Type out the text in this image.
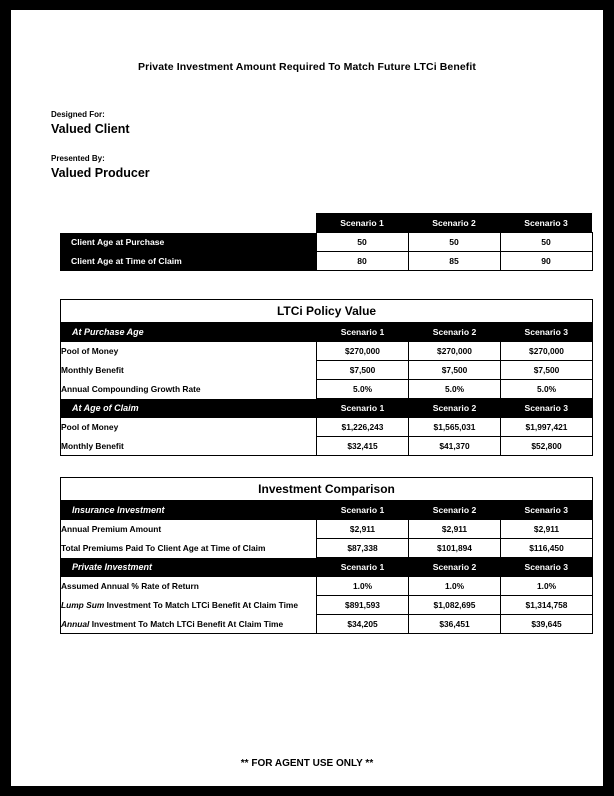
Private Investment Amount Required To Match Future LTCi Benefit
Designed For:
Valued Client
Presented By:
Valued Producer
	Scenario 1	Scenario 2	Scenario 3
Client Age at Purchase	50	50	50
Client Age at Time of Claim	80	85	90
LTCi Policy Value			
At Purchase Age	Scenario 1	Scenario 2	Scenario 3
Pool of Money	$270,000	$270,000	$270,000
Monthly Benefit	$7,500	$7,500	$7,500
Annual Compounding Growth Rate	5.0%	5.0%	5.0%
At Age of Claim	Scenario 1	Scenario 2	Scenario 3
Pool of Money	$1,226,243	$1,565,031	$1,997,421
Monthly Benefit	$32,415	$41,370	$52,800
Investment Comparison			
Insurance Investment	Scenario 1	Scenario 2	Scenario 3
Annual Premium Amount	$2,911	$2,911	$2,911
Total Premiums Paid To Client Age at Time of Claim	$87,338	$101,894	$116,450
Private Investment	Scenario 1	Scenario 2	Scenario 3
Assumed Annual % Rate of Return	1.0%	1.0%	1.0%
Lump Sum Investment To Match LTCi Benefit At Claim Time	$891,593	$1,082,695	$1,314,758
Annual Investment To Match LTCi Benefit At Claim Time	$34,205	$36,451	$39,645
** FOR AGENT USE ONLY **
